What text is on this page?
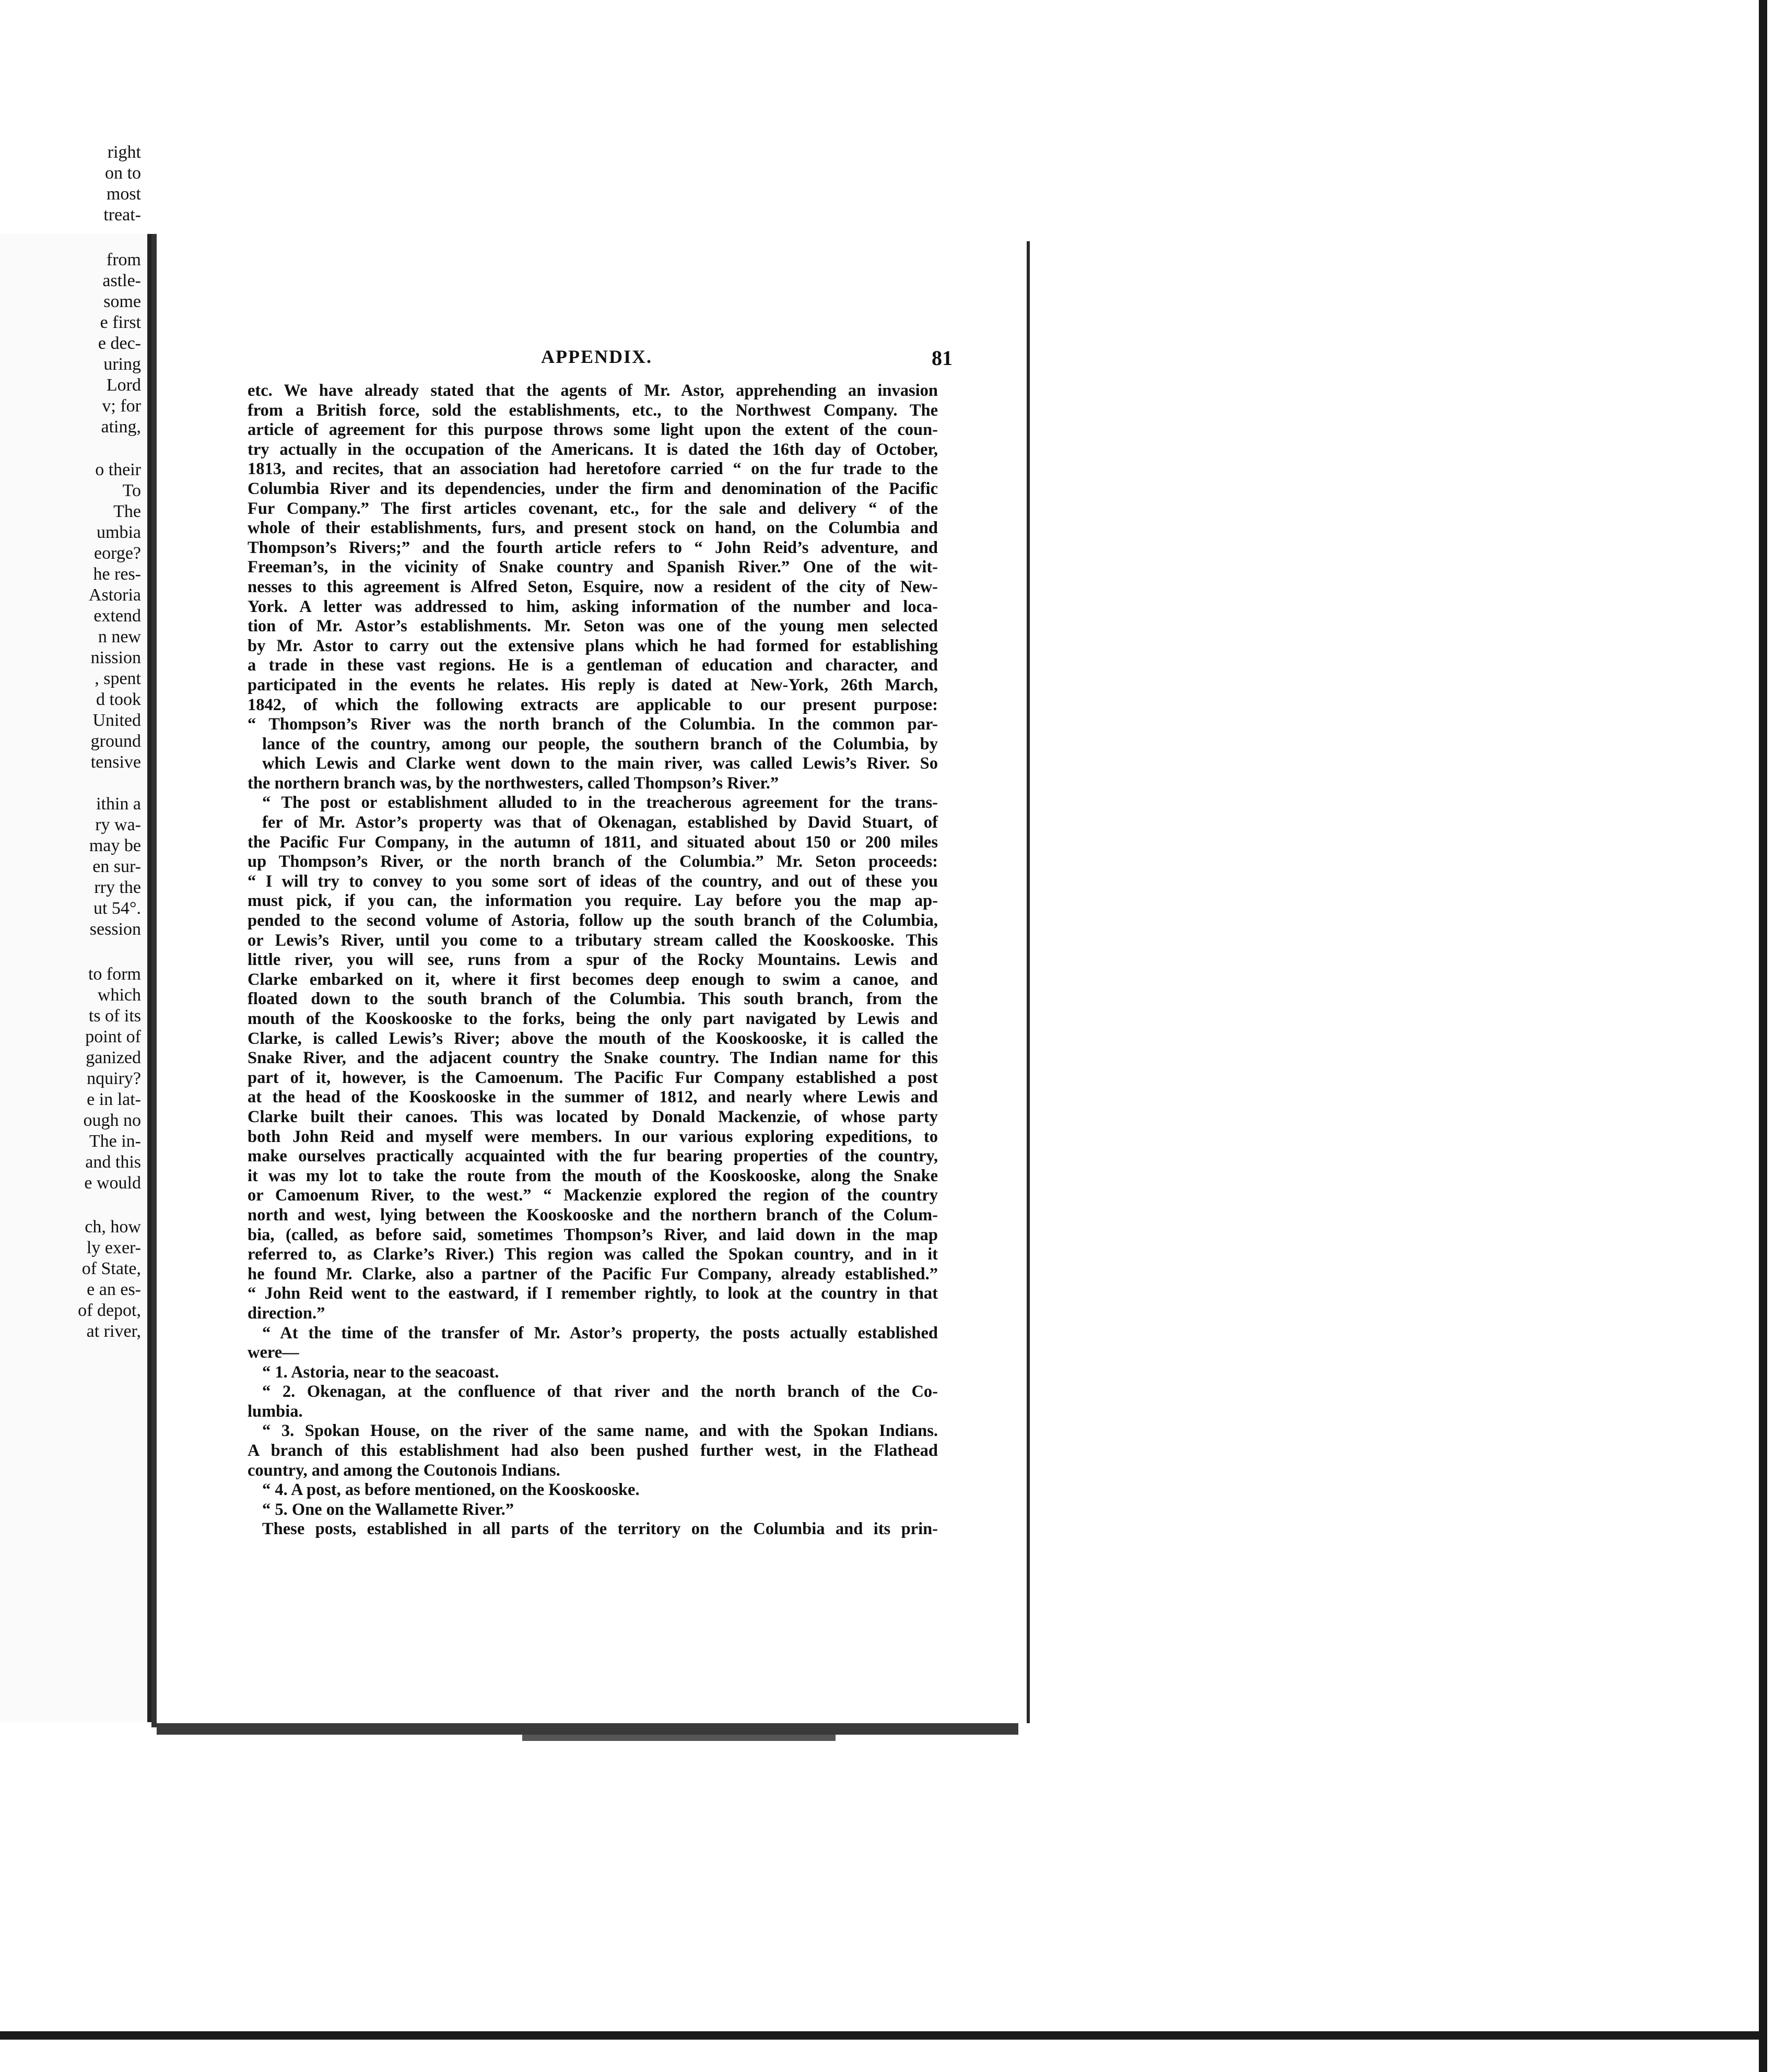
right
on to
most
treat-
from
astle-
some
e first
e dec-
uring
Lord
v; for
ating,
o their
To
The
umbia
eorge?
he res-
Astoria
extend
n new
nission
, spent
d took
United
ground
tensive
ithin a
ry wa-
may be
en sur-
rry the
ut 54°.
session
to form
which
ts of its
point of
ganized
nquiry?
e in lat-
ough no
The in-
and this
e would
ch, how
ly exer-
of State,
e an es-
of depot,
at river,
APPENDIX.	81
etc. We have already stated that the agents of Mr. Astor, apprehending an invasion
from a British force, sold the establishments, etc., to the Northwest Company. The
article of agreement for this purpose throws some light upon the extent of the coun-
try actually in the occupation of the Americans. It is dated the 16th day of October,
1813, and recites, that an association had heretofore carried “ on the fur trade to the
Columbia River and its dependencies, under the firm and denomination of the Pacific
Fur Company.” The first articles covenant, etc., for the sale and delivery “ of the
whole of their establishments, furs, and present stock on hand, on the Columbia and
Thompson’s Rivers;” and the fourth article refers to “ John Reid’s adventure, and
Freeman’s, in the vicinity of Snake country and Spanish River.” One of the wit-
nesses to this agreement is Alfred Seton, Esquire, now a resident of the city of New-
York. A letter was addressed to him, asking information of the number and loca-
tion of Mr. Astor’s establishments. Mr. Seton was one of the young men selected
by Mr. Astor to carry out the extensive plans which he had formed for establishing
a trade in these vast regions. He is a gentleman of education and character, and
participated in the events he relates. His reply is dated at New-York, 26th March,
1842, of which the following extracts are applicable to our present purpose:
“ Thompson’s River was the north branch of the Columbia. In the common par-
lance of the country, among our people, the southern branch of the Columbia, by
which Lewis and Clarke went down to the main river, was called Lewis’s River. So
the northern branch was, by the northwesters, called Thompson’s River.”
“ The post or establishment alluded to in the treacherous agreement for the trans-
fer of Mr. Astor’s property was that of Okenagan, established by David Stuart, of
the Pacific Fur Company, in the autumn of 1811, and situated about 150 or 200 miles
up Thompson’s River, or the north branch of the Columbia.” Mr. Seton proceeds:
“ I will try to convey to you some sort of ideas of the country, and out of these you
must pick, if you can, the information you require. Lay before you the map ap-
pended to the second volume of Astoria, follow up the south branch of the Columbia,
or Lewis’s River, until you come to a tributary stream called the Kooskooske. This
little river, you will see, runs from a spur of the Rocky Mountains. Lewis and
Clarke embarked on it, where it first becomes deep enough to swim a canoe, and
floated down to the south branch of the Columbia. This south branch, from the
mouth of the Kooskooske to the forks, being the only part navigated by Lewis and
Clarke, is called Lewis’s River; above the mouth of the Kooskooske, it is called the
Snake River, and the adjacent country the Snake country. The Indian name for this
part of it, however, is the Camoenum. The Pacific Fur Company established a post
at the head of the Kooskooske in the summer of 1812, and nearly where Lewis and
Clarke built their canoes. This was located by Donald Mackenzie, of whose party
both John Reid and myself were members. In our various exploring expeditions, to
make ourselves practically acquainted with the fur bearing properties of the country,
it was my lot to take the route from the mouth of the Kooskooske, along the Snake
or Camoenum River, to the west.” “ Mackenzie explored the region of the country
north and west, lying between the Kooskooske and the northern branch of the Colum-
bia, (called, as before said, sometimes Thompson’s River, and laid down in the map
referred to, as Clarke’s River.) This region was called the Spokan country, and in it
he found Mr. Clarke, also a partner of the Pacific Fur Company, already established.”
“ John Reid went to the eastward, if I remember rightly, to look at the country in that
direction.”
“ At the time of the transfer of Mr. Astor’s property, the posts actually established
were—
“ 1. Astoria, near to the seacoast.
“ 2. Okenagan, at the confluence of that river and the north branch of the Co-
lumbia.
“ 3. Spokan House, on the river of the same name, and with the Spokan Indians.
A branch of this establishment had also been pushed further west, in the Flathead
country, and among the Coutonois Indians.
“ 4. A post, as before mentioned, on the Kooskooske.
“ 5. One on the Wallamette River.”
These posts, established in all parts of the territory on the Columbia and its prin-
